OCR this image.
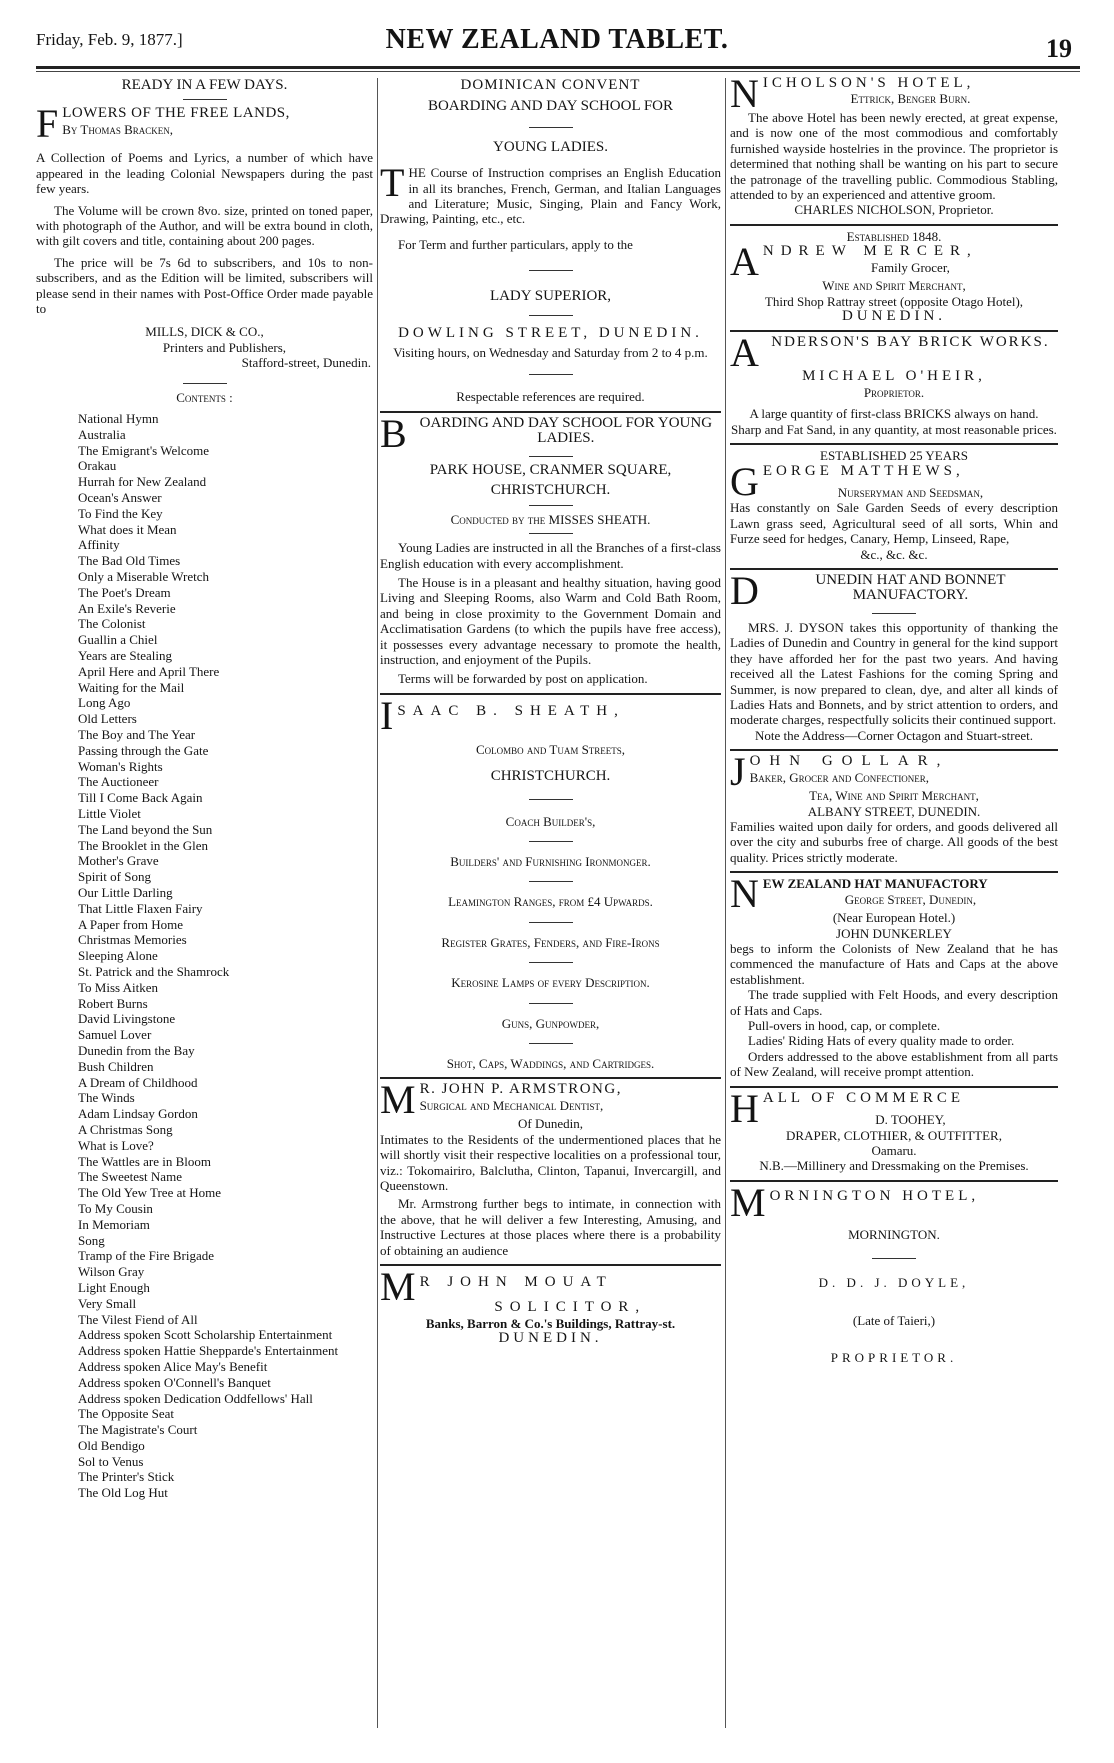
Friday, Feb. 9, 1877.]	NEW ZEALAND TABLET.	19
READY IN A FEW DAYS.
F LOWERS OF THE FREE LANDS,
By Thomas Bracken,

A Collection of Poems and Lyrics, a number of which have appeared in the leading Colonial Newspapers during the past few years.

The Volume will be crown 8vo. size, printed on toned paper, with photograph of the Author, and will be extra bound in cloth, with gilt covers and title, containing about 200 pages.

The price will be 7s 6d to subscribers, and 10s to non-subscribers, and as the Edition will be limited, subscribers will please send in their names with Post-Office Order made payable to

MILLS, DICK & CO.,
Printers and Publishers,
Stafford-street, Dunedin.
Contents :
National Hymn
Australia
The Emigrant's Welcome
Orakau
Hurrah for New Zealand
Ocean's Answer
To Find the Key
What does it Mean
Affinity
The Bad Old Times
Only a Miserable Wretch
The Poet's Dream
An Exile's Reverie
The Colonist
Guallin a Chiel
Years are Stealing
April Here and April There
Waiting for the Mail
Long Ago
Old Letters
The Boy and The Year
Passing through the Gate
Woman's Rights
The Auctioneer
Till I Come Back Again
Little Violet
The Land beyond the Sun
The Brooklet in the Glen
Mother's Grave
Spirit of Song
Our Little Darling
That Little Flaxen Fairy
A Paper from Home
Christmas Memories
Sleeping Alone
St. Patrick and the Shamrock
To Miss Aitken
Robert Burns
David Livingstone
Samuel Lover
Dunedin from the Bay
Bush Children
A Dream of Childhood
The Winds
Adam Lindsay Gordon
A Christmas Song
What is Love?
The Wattles are in Bloom
The Sweetest Name
The Old Yew Tree at Home
To My Cousin
In Memoriam
Song
Tramp of the Fire Brigade
Wilson Gray
Light Enough
Very Small
The Vilest Fiend of All
Address spoken Scott Scholarship Entertainment
Address spoken Hattie Shepparde's Entertainment
Address spoken Alice May's Benefit
Address spoken O'Connell's Banquet
Address spoken Dedication Oddfellows' Hall
The Opposite Seat
The Magistrate's Court
Old Bendigo
Sol to Venus
The Printer's Stick
The Old Log Hut
DOMINICAN CONVENT
BOARDING AND DAY SCHOOL FOR
YOUNG LADIES.
T HE Course of Instruction comprises an English Education in all its branches, French, German, and Italian Languages and Literature; Music, Singing, Plain and Fancy Work, Drawing, Painting, etc., etc.

For Term and further particulars, apply to the

LADY SUPERIOR,
DOWLING STREET, DUNEDIN.
Visiting hours, on Wednesday and Saturday from 2 to 4 p.m.
Respectable references are required.
B OARDING AND DAY SCHOOL FOR YOUNG LADIES.
PARK HOUSE, CRANMER SQUARE,
CHRISTCHURCH.
Conducted by the MISSES SHEATH.

Young Ladies are instructed in all the Branches of a first-class English education with every accomplishment.

The House is in a pleasant and healthy situation, having good Living and Sleeping Rooms, also Warm and Cold Bath Room, and being in close proximity to the Government Domain and Acclimatisation Gardens (to which the pupils have free access), it possesses every advantage necessary to promote the health, instruction, and enjoyment of the Pupils.

Terms will be forwarded by post on application.

I SAAC B. SHEATH,
Colombo and Tuam Streets,
CHRISTCHURCH.
Coach Builder's,
Builders' and Furnishing Ironmonger.
Leamington Ranges, from £4 Upwards.
Register Grates, Fenders, and Fire-Irons
Kerosine Lamps of every Description.
Guns, Gunpowder,
Shot, Caps, Waddings, and Cartridges.
M R. JOHN P. ARMSTRONG,
Surgical and Mechanical Dentist,
Of Dunedin,

Intimates to the Residents of the undermentioned places that he will shortly visit their respective localities on a professional tour, viz.: Tokomairiro, Balclutha, Clinton, Tapanui, Invercargill, and Queenstown.

Mr. Armstrong further begs to intimate, in connection with the above, that he will deliver a few Interesting, Amusing, and Instructive Lectures at those places where there is a probability of obtaining an audience

M R JOHN MOUAT
SOLICITOR,
Banks, Barron & Co.'s Buildings, Rattray-st.
DUNEDIN.
N ICHOLSON'S HOTEL,
Ettrick, Benger Burn.

The above Hotel has been newly erected, at great expense, and is now one of the most commodious and comfortably furnished wayside hostelries in the province. The proprietor is determined that nothing shall be wanting on his part to secure the patronage of the travelling public. Commodious Stabling, attended to by an experienced and attentive groom.

CHARLES NICHOLSON, Proprietor.
Established 1848.
A NDREW MERCER,
Family Grocer,
Wine and Spirit Merchant,
Third Shop Rattray street (opposite Otago Hotel),
DUNEDIN.
A NDERSON'S BAY BRICK WORKS.
MICHAEL O'HEIR,
Proprietor.
A large quantity of first-class BRICKS always on hand.
Sharp and Fat Sand, in any quantity, at most reasonable prices.
ESTABLISHED 25 YEARS
G EORGE MATTHEWS,
Nurseryman and Seedsman,

Has constantly on Sale Garden Seeds of every description Lawn grass seed, Agricultural seed of all sorts, Whin and Furze seed for hedges, Canary, Hemp, Linseed, Rape,

&c., &c. &c.
D	UNEDIN HAT AND BONNET MANUFACTORY.

MRS. J. DYSON takes this opportunity of thanking the Ladies of Dunedin and Country in general for the kind support they have afforded her for the past two years. And having received all the Latest Fashions for the coming Spring and Summer, is now prepared to clean, dye, and alter all kinds of Ladies Hats and Bonnets, and by strict attention to orders, and moderate charges, respectfully solicits their continued support.

Note the Address—Corner Octagon and Stuart-street.
J OHN GOLLAR,
Baker, Grocer and Confectioner,
Tea, Wine and Spirit Merchant,
ALBANY STREET, DUNEDIN.

Families waited upon daily for orders, and goods delivered all over the city and suburbs free of charge. All goods of the best quality. Prices strictly moderate.

N EW ZEALAND HAT MANUFACTORY
George Street, Dunedin,
(Near European Hotel.)
JOHN DUNKERLEY

begs to inform the Colonists of New Zealand that he has commenced the manufacture of Hats and Caps at the above establishment.

The trade supplied with Felt Hoods, and every description of Hats and Caps.

Pull-overs in hood, cap, or complete.

Ladies' Riding Hats of every quality made to order.

Orders addressed to the above establishment from all parts of New Zealand, will receive prompt attention.

H ALL OF COMMERCE
D. TOOHEY,
DRAPER, CLOTHIER, & OUTFITTER,
Oamaru.
N.B.—Millinery and Dressmaking on the Premises.
M ORNINGTON HOTEL,
MORNINGTON.
D. D. J. DOYLE,
(Late of Taieri,)
PROPRIETOR.
